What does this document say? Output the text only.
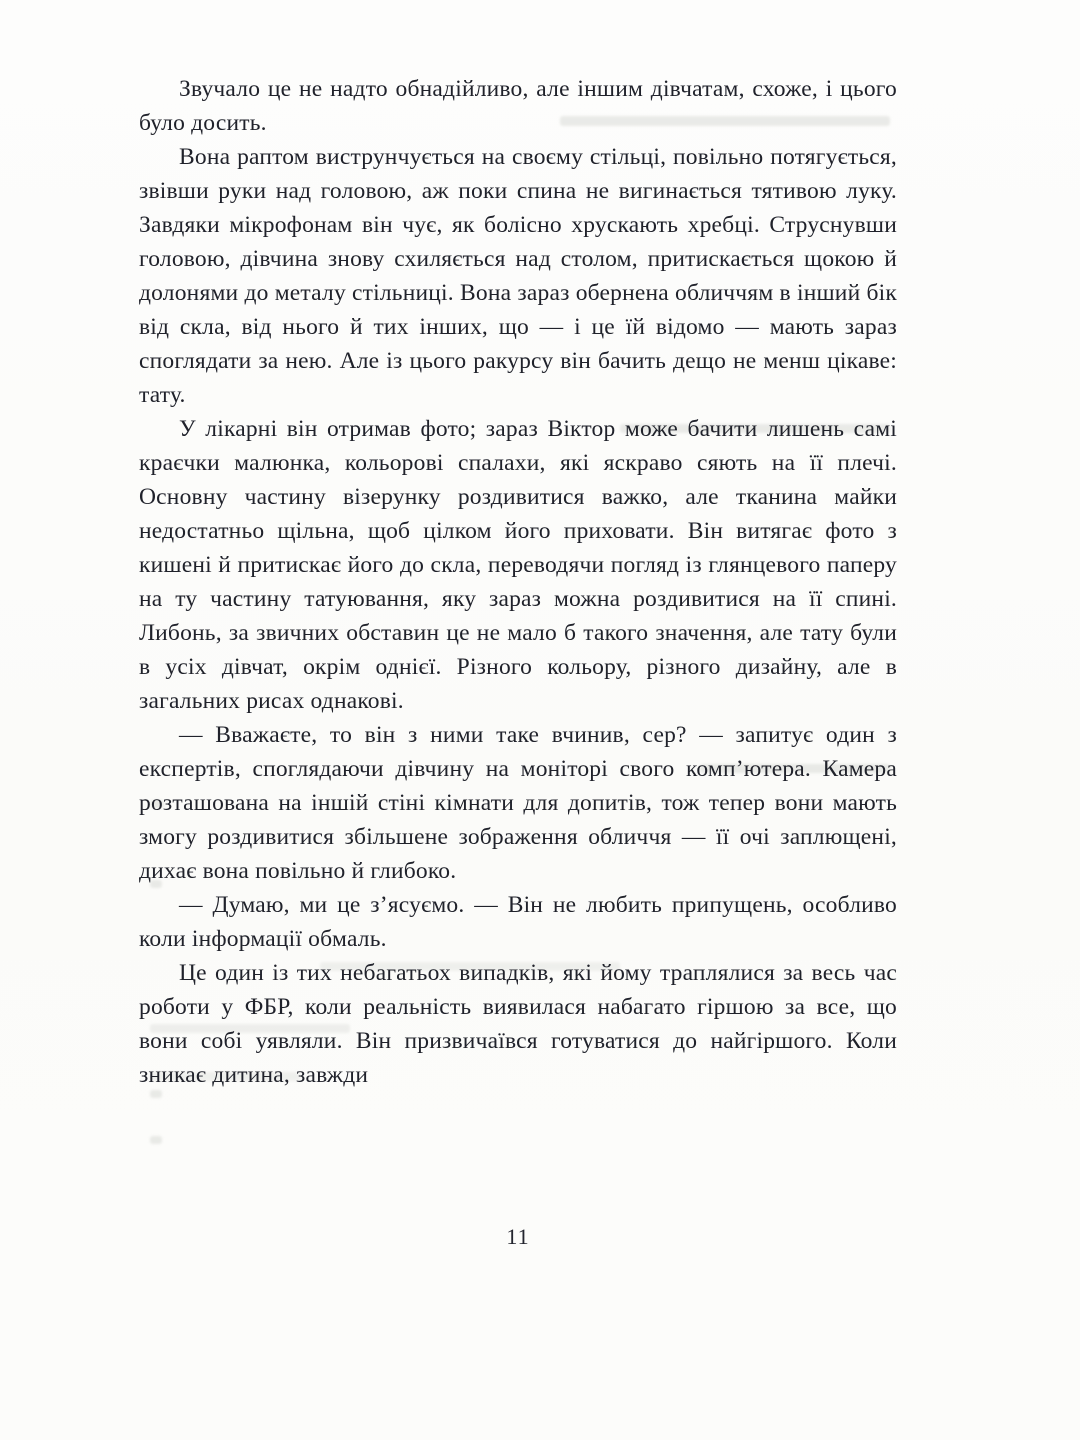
Звучало це не надто обнадійливо, але іншим дівчатам, схоже, і цього було досить.

Вона раптом виструнчується на своєму стільці, повільно потягується, звівши руки над головою, аж поки спина не вигинається тятивою луку. Завдяки мікрофонам він чує, як болісно хрускають хребці. Струснувши головою, дівчина знову схиляється над столом, притискається щокою й долонями до металу стільниці. Вона зараз обернена обличчям в інший бік від скла, від нього й тих інших, що — і це їй відомо — мають зараз споглядати за нею. Але із цього ракурсу він бачить дещо не менш цікаве: тату.

У лікарні він отримав фото; зараз Віктор може бачити лишень самі краєчки малюнка, кольорові спалахи, які яскраво сяють на її плечі. Основну частину візерунку роздивитися важко, але тканина майки недостатньо щільна, щоб цілком його приховати. Він витягає фото з кишені й притискає його до скла, переводячи погляд із глянцевого паперу на ту частину татуювання, яку зараз можна роздивитися на її спині. Либонь, за звичних обставин це не мало б такого значення, але тату були в усіх дівчат, окрім однієї. Різного кольору, різного дизайну, але в загальних рисах однакові.

— Вважаєте, то він з ними таке вчинив, сер? — запитує один з експертів, споглядаючи дівчину на моніторі свого комп’ютера. Камера розташована на іншій стіні кімнати для допитів, тож тепер вони мають змогу роздивитися збільшене зображення обличчя — її очі заплющені, дихає вона повільно й глибоко.

— Думаю, ми це з’ясуємо. — Він не любить припущень, особливо коли інформації обмаль.

Це один із тих небагатьох випадків, які йому траплялися за весь час роботи у ФБР, коли реальність виявилася набагато гіршою за все, що вони собі уявляли. Він призвичаївся готуватися до найгіршого. Коли зникає дитина, завжди

11
